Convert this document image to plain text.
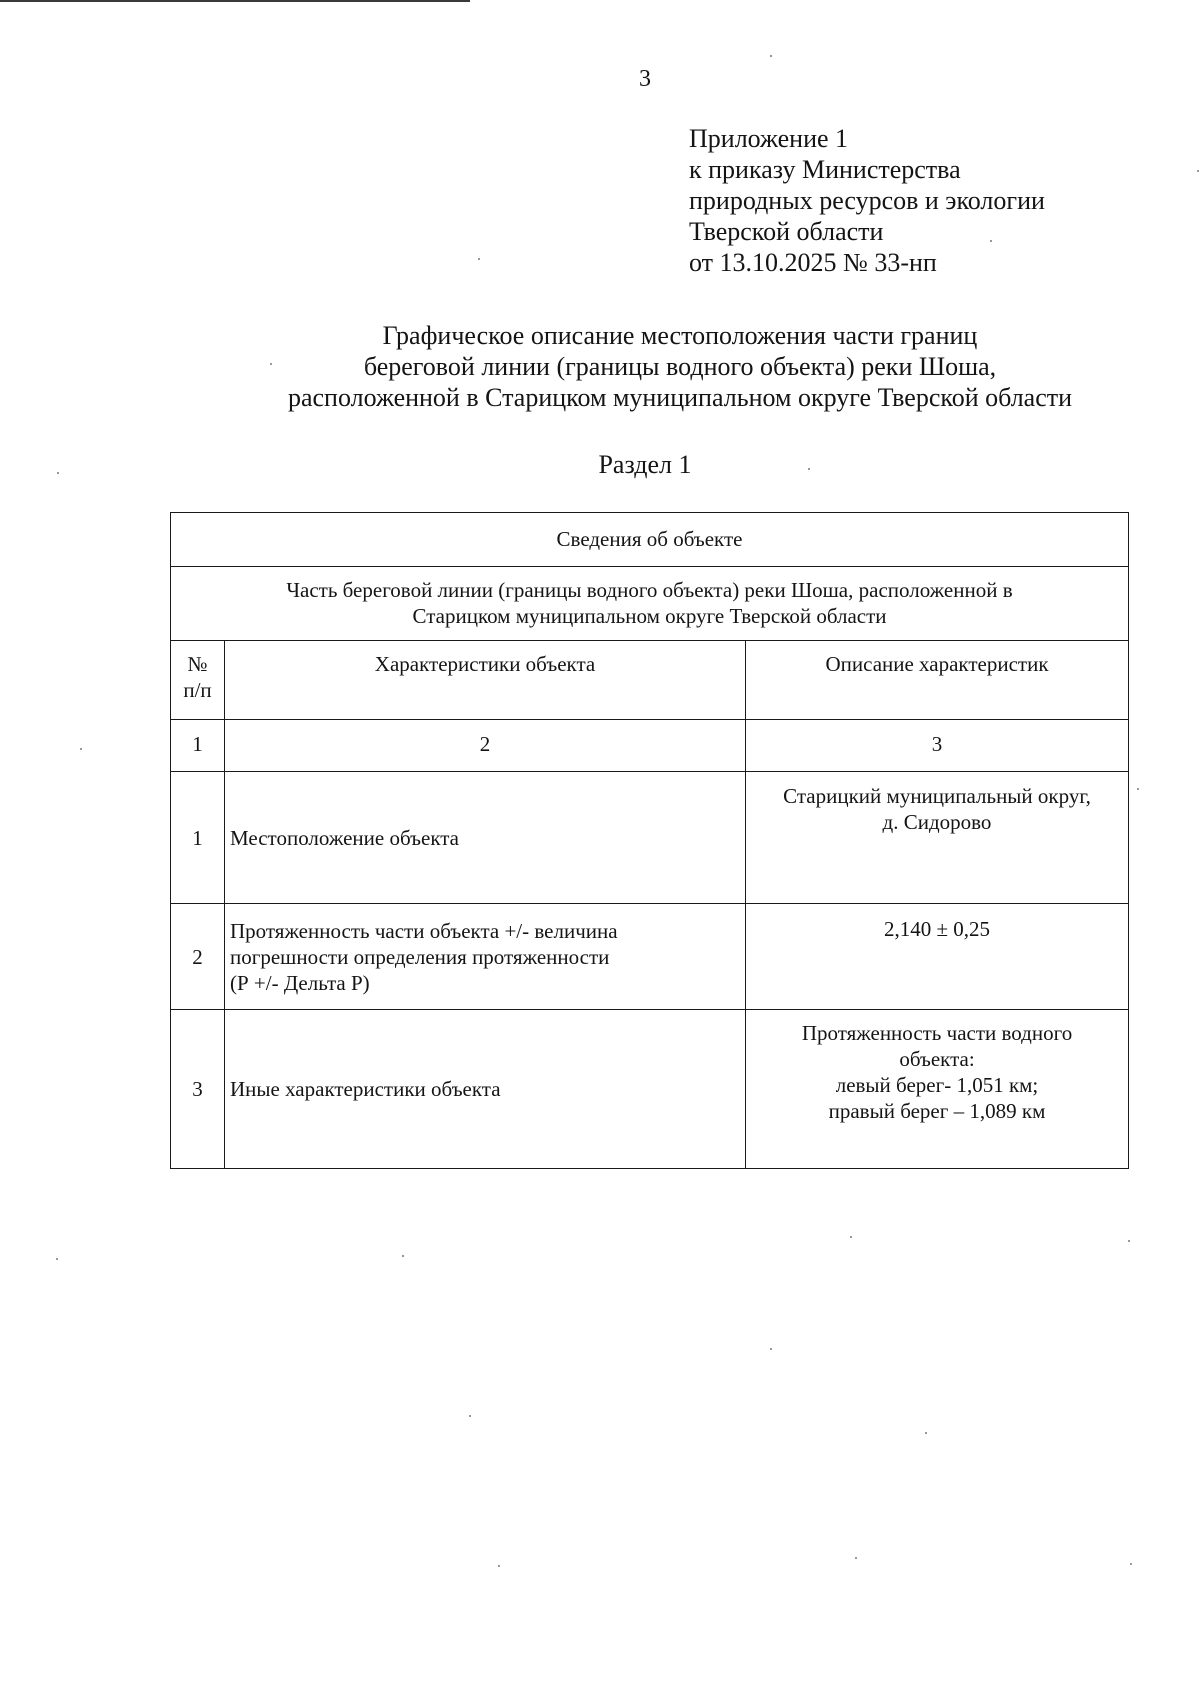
3
Приложение 1
к приказу Министерства
природных ресурсов и экологии
Тверской области
от 13.10.2025 № 33-нп
Графическое описание местоположения части границ
береговой линии (границы водного объекта) реки Шоша,
расположенной в Старицком муниципальном округе Тверской области
Раздел 1
Сведения об объекте		

Часть береговой линии (границы водного объекта) реки Шоша, расположенной в
Старицком муниципальном округе Тверской области		

№
п/п	Характеристики объекта	Описание характеристик
1	2	3
1	Местоположение объекта	Старицкий муниципальный округ,
д. Сидорово

2	Протяженность части объекта +/- величина
погрешности определения протяженности
(Р +/- Дельта Р)	2,140 ± 0,25

3	Иные характеристики объекта	Протяженность части водного
объекта:
левый берег- 1,051 км;
правый берег – 1,089 км
